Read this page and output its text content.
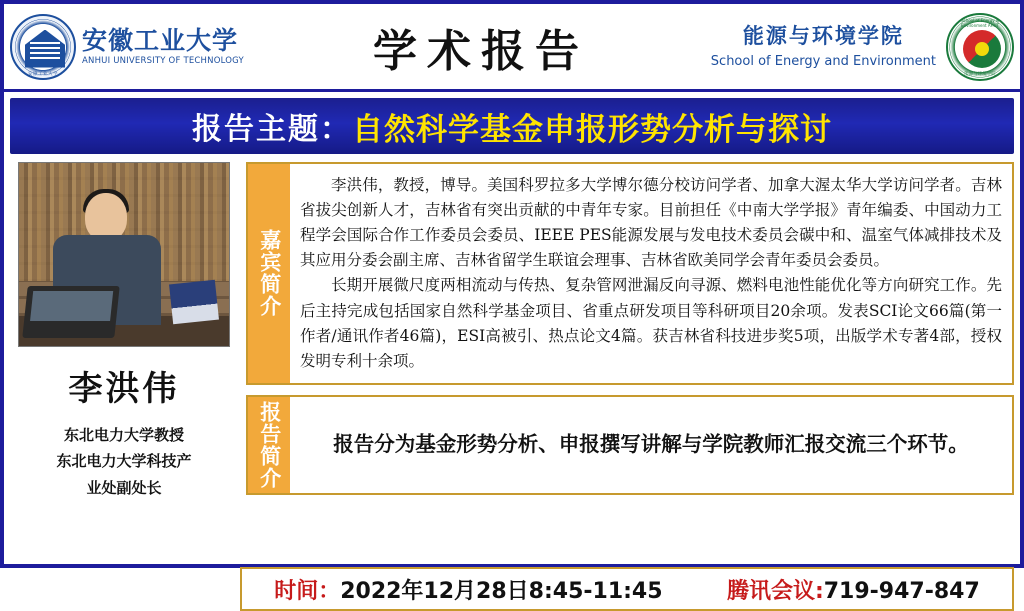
安徽工业大学
安徽工业大学
ANHUI UNIVERSITY OF TECHNOLOGY	学术报告	能源与环境学院
School of Energy and Environment
School of Energy & Environment AHUT
能源与环境学院
报告主题： 自然科学基金申报形势分析与探讨
李洪伟
东北电力大学教授
东北电力大学科技产
业处副处长
嘉宾简介

李洪伟，教授，博导。美国科罗拉多大学博尔德分校访问学者、加拿大渥太华大学访问学者。吉林省拔尖创新人才，吉林省有突出贡献的中青年专家。目前担任《中南大学学报》青年编委、中国动力工程学会国际合作工作委员会委员、IEEE PES能源发展与发电技术委员会碳中和、温室气体减排技术及其应用分委会副主席、吉林省留学生联谊会理事、吉林省欧美同学会青年委员会委员。

长期开展微尺度两相流动与传热、复杂管网泄漏反向寻源、燃料电池性能优化等方向研究工作。先后主持完成包括国家自然科学基金项目、省重点研发项目等科研项目20余项。发表SCI论文66篇(第一作者/通讯作者46篇)，ESI高被引、热点论文4篇。获吉林省科技进步奖5项，出版学术专著4部，授权发明专利十余项。

报告简介	报告分为基金形势分析、申报撰写讲解与学院教师汇报交流三个环节。

时间：2022年12月28日8:45-11:45	腾讯会议:719-947-847
